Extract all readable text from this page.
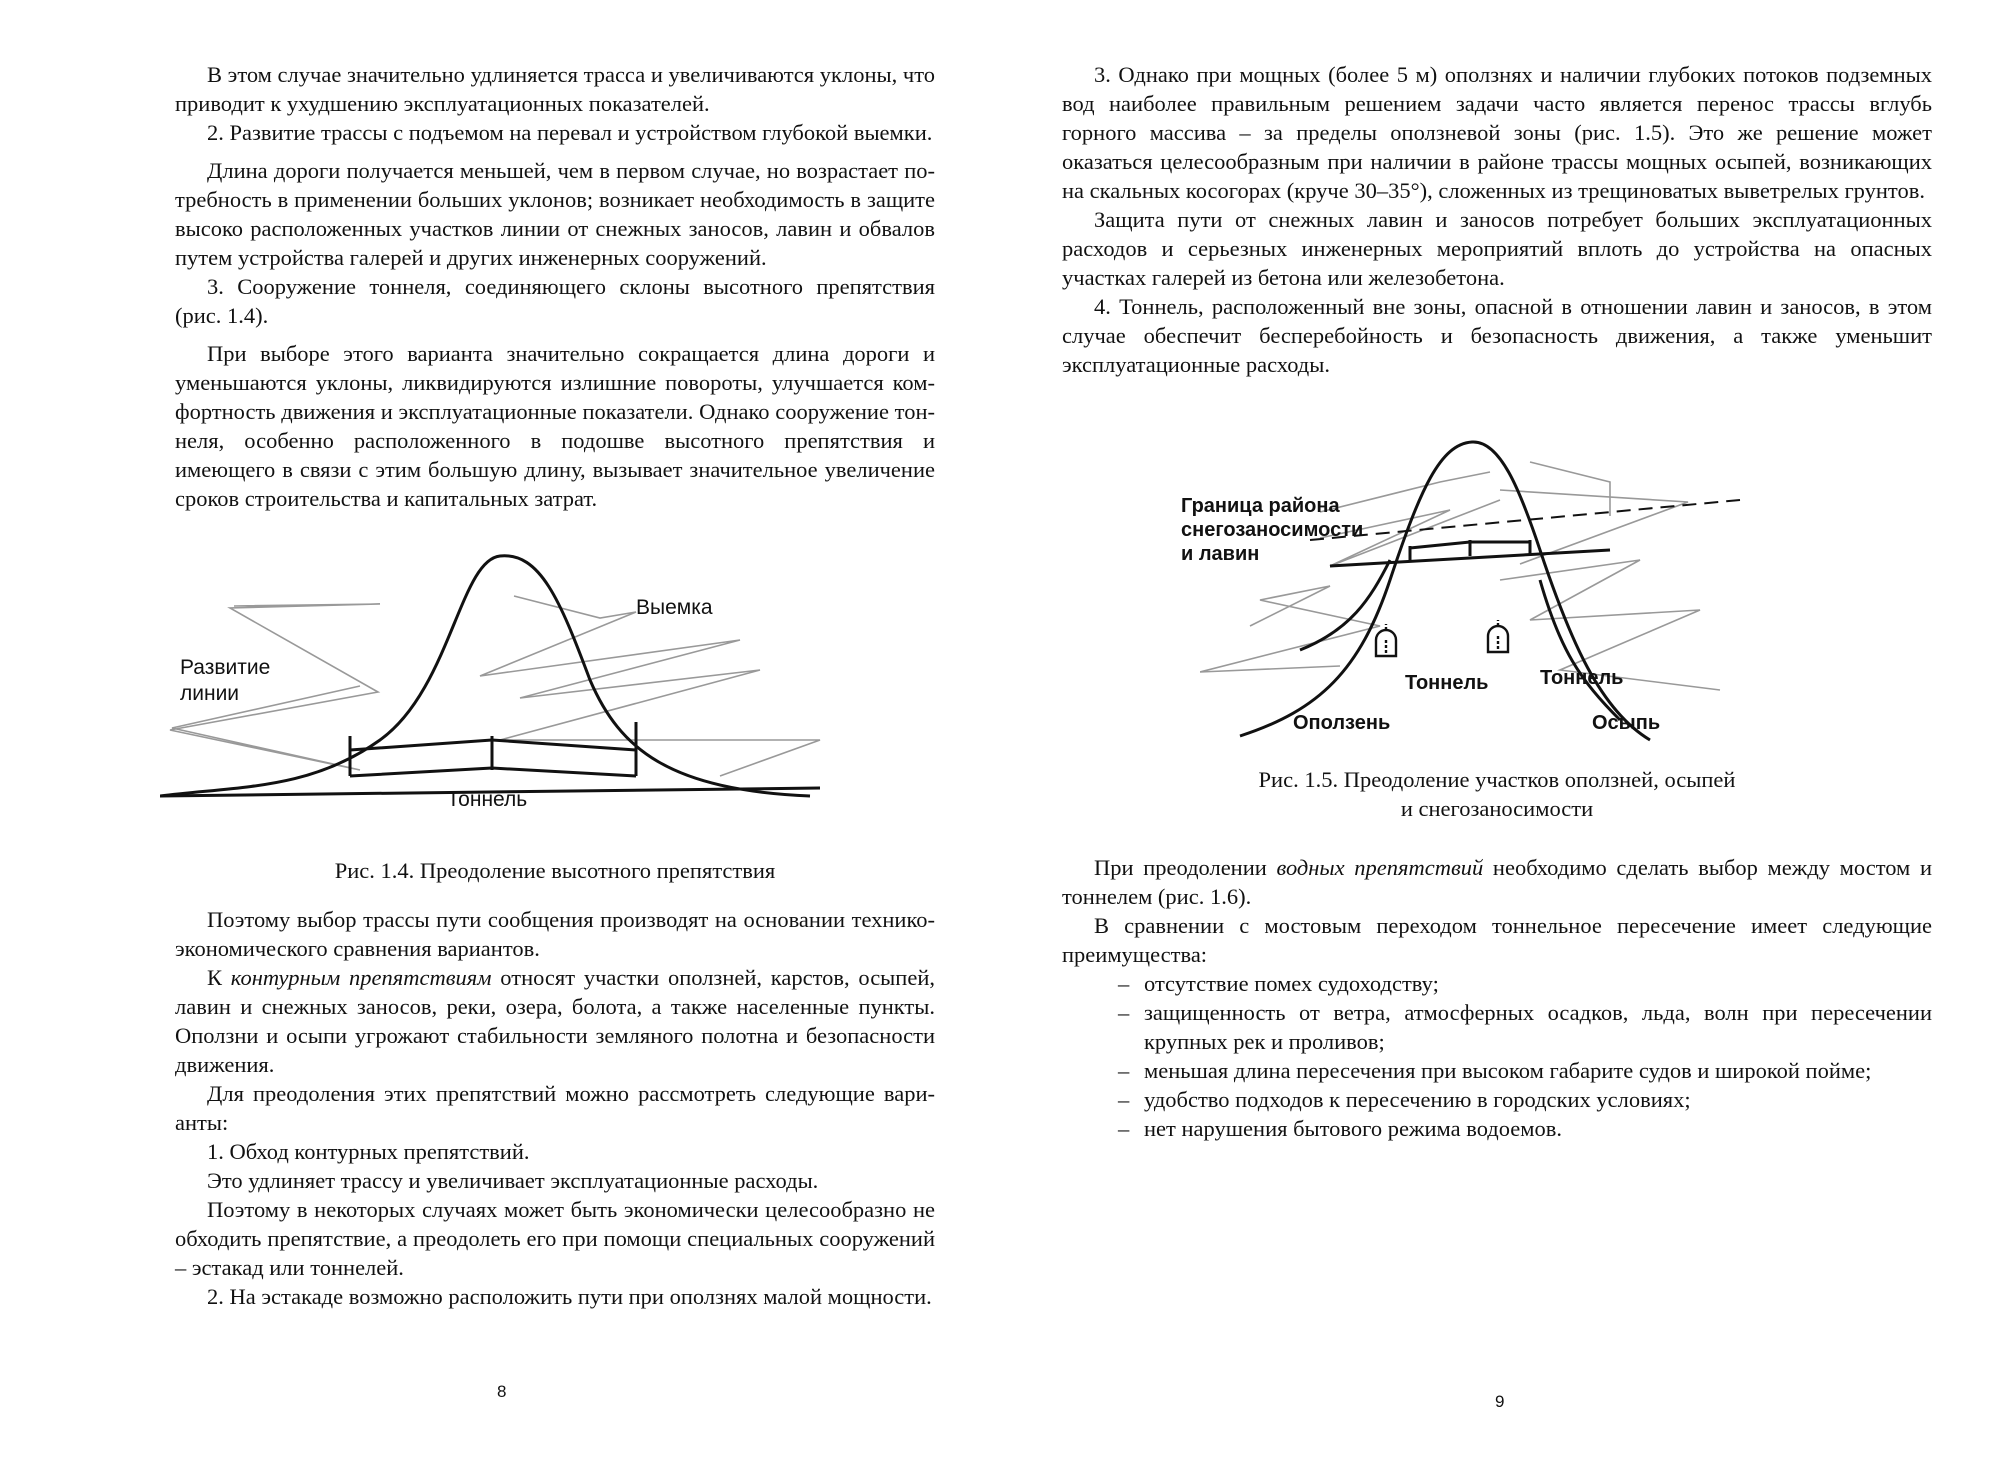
В этом случае значительно удлиняется трасса и увеличиваются уклоны, что приводит к ухудшению эксплуатационных показателей.

2. Развитие трассы с подъемом на перевал и устройством глубокой выемки.

Длина дороги получается меньшей, чем в первом случае, но возрастает потребность в применении больших уклонов; возникает необходимость в защите высоко расположенных участков линии от снежных заносов, лавин и обвалов путем устройства галерей и других инженерных сооружений.

3. Сооружение тоннеля, соединяющего склоны высотного препятствия (рис. 1.4).

При выборе этого варианта значительно сокращается длина дороги и уменьшаются уклоны, ликвидируются излишние повороты, улучшается комфортность движения и эксплуатационные показатели. Однако сооружение тоннеля, особенно расположенного в подошве высотного препятствия и имеющего в связи с этим большую длину, вызывает значительное увеличение сроков строительства и капитальных затрат.

Развитие линии
Выемка
Тоннель
Рис. 1.4. Преодоление высотного препятствия

Поэтому выбор трассы пути сообщения производят на основании техникоэкономического сравнения вариантов.

К контурным препятствиям относят участки оползней, карстов, осыпей, лавин и снежных заносов, реки, озера, болота, а также населенные пункты. Оползни и осыпи угрожают стабильности земляного полотна и безопасности движения.

Для преодоления этих препятствий можно рассмотреть следующие варианты:

1. Обход контурных препятствий.

Это удлиняет трассу и увеличивает эксплуатационные расходы.

Поэтому в некоторых случаях может быть экономически целесообразно не обходить препятствие, а преодолеть его при помощи специальных сооружений – эстакад или тоннелей.

2. На эстакаде возможно расположить пути при оползнях малой мощности.

8

3. Однако при мощных (более 5 м) оползнях и наличии глубоких потоков подземных вод наиболее правильным решением задачи часто является перенос трассы вглубь горного массива – за пределы оползневой зоны (рис. 1.5). Это же решение может оказаться целесообразным при наличии в районе трассы мощных осыпей, возникающих на скальных косогорах (круче 30–35°), сложенных из трещиноватых выветрелых грунтов.

Защита пути от снежных лавин и заносов потребует больших эксплуатационных расходов и серьезных инженерных мероприятий вплоть до устройства на опасных участках галерей из бетона или железобетона.

4. Тоннель, расположенный вне зоны, опасной в отношении лавин и заносов, в этом случае обеспечит бесперебойность и безопасность движения, а также уменьшит эксплуатационные расходы.

Граница района снегозаносимости и лавин
Тоннель	Тоннель
Оползень	Осыпь
Рис. 1.5. Преодоление участков оползней, осыпей
и снегозаносимости

При преодолении водных препятствий необходимо сделать выбор между мостом и тоннелем (рис. 1.6).

В сравнении с мостовым переходом тоннельное пересечение имеет следующие преимущества:

– отсутствие помех судоходству;

– защищенность от ветра, атмосферных осадков, льда, волн при пересечении крупных рек и проливов;

– меньшая длина пересечения при высоком габарите судов и широкой пойме;

– удобство подходов к пересечению в городских условиях;

– нет нарушения бытового режима водоемов.

9
